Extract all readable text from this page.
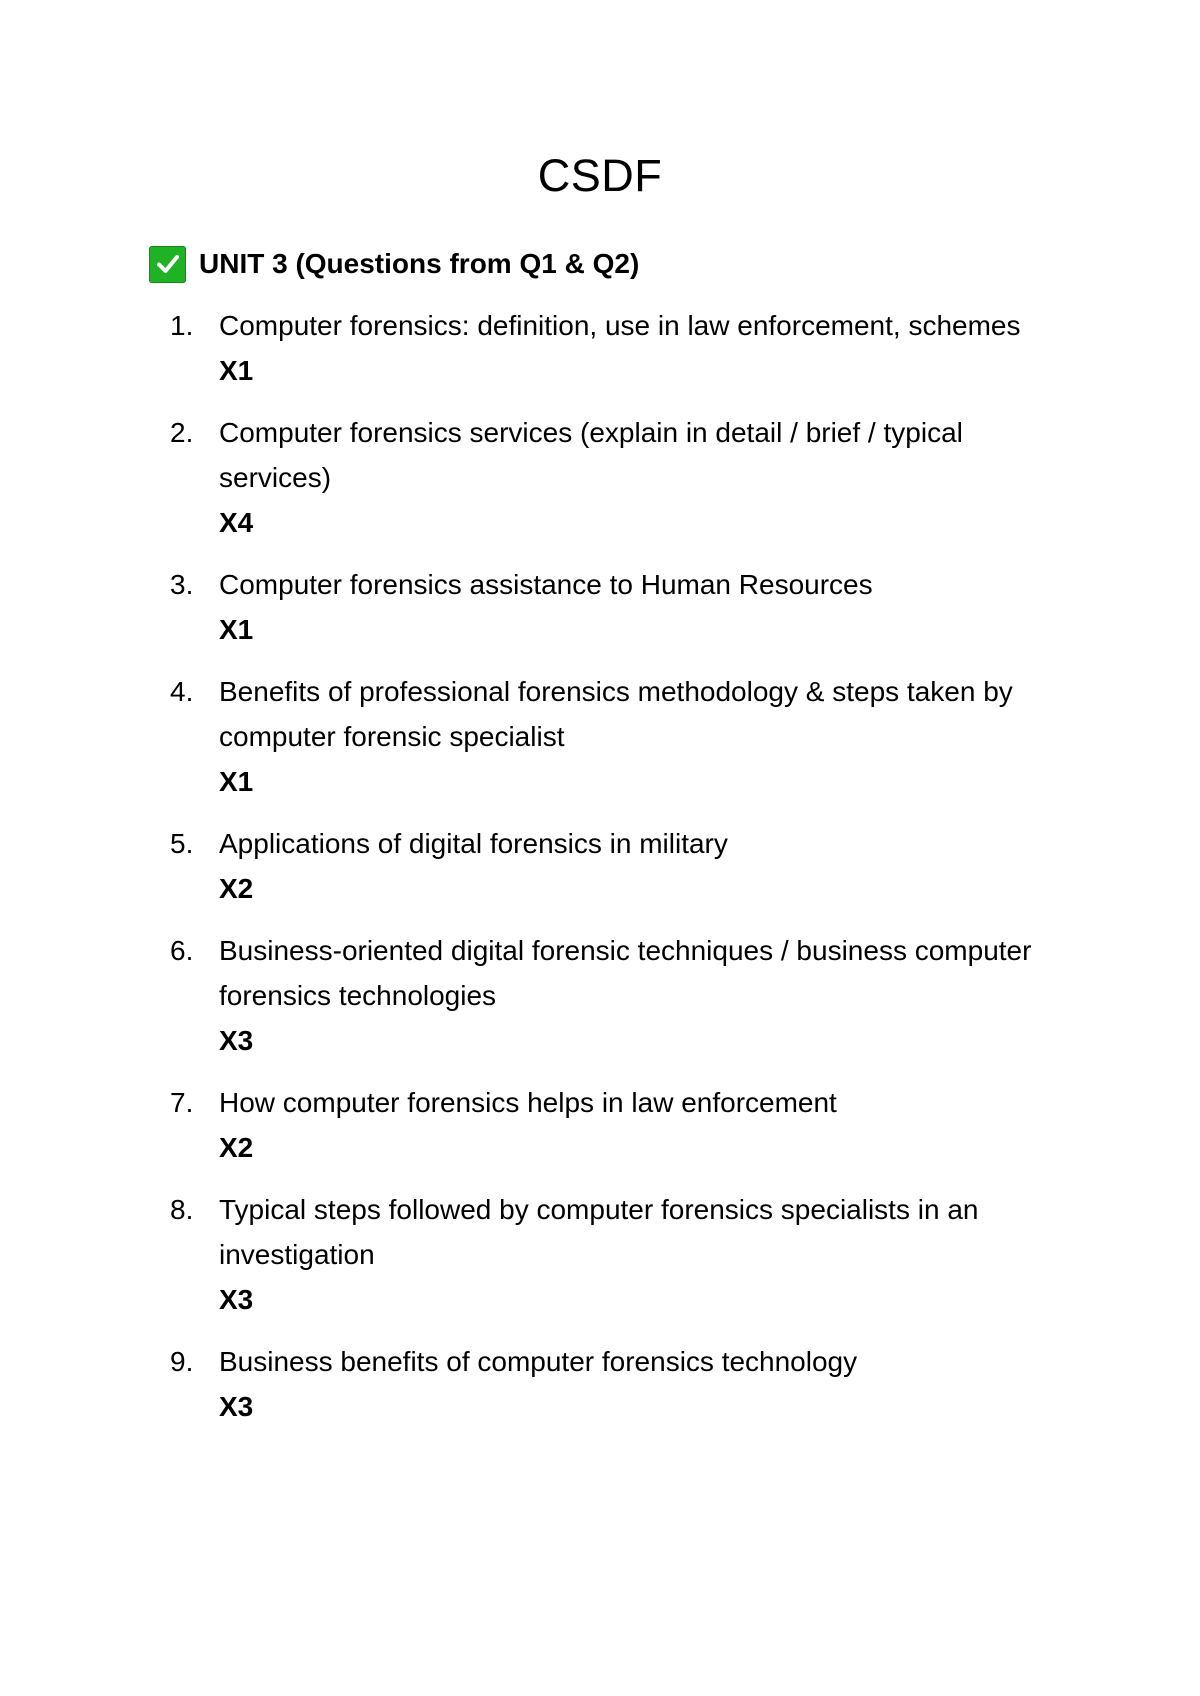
CSDF
UNIT 3 (Questions from Q1 & Q2)
1. Computer forensics: definition, use in law enforcement, schemes
X1
2. Computer forensics services (explain in detail / brief / typical services)
X4
3. Computer forensics assistance to Human Resources
X1
4. Benefits of professional forensics methodology & steps taken by computer forensic specialist
X1
5. Applications of digital forensics in military
X2
6. Business-oriented digital forensic techniques / business computer forensics technologies
X3
7. How computer forensics helps in law enforcement
X2
8. Typical steps followed by computer forensics specialists in an investigation
X3
9. Business benefits of computer forensics technology
X3
